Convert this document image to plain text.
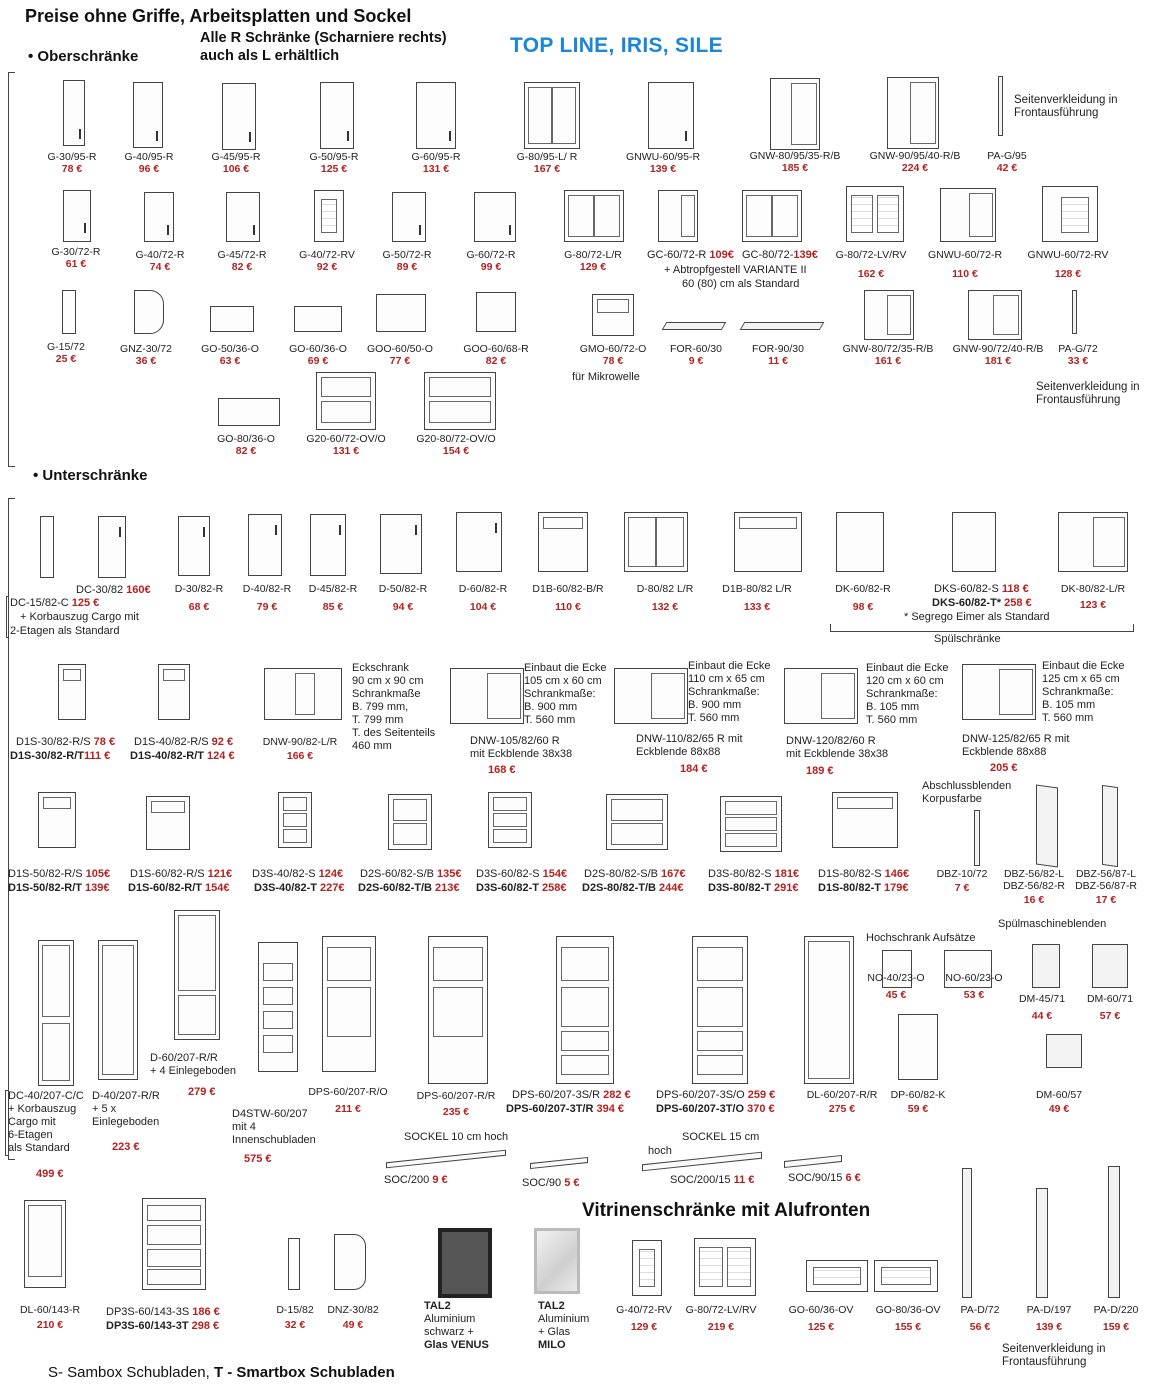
Preise ohne Griffe, Arbeitsplatten und Sockel
Alle R Schränke (Scharniere rechts)
auch als L erhältlich	TOP LINE, IRIS, SILE
• Oberschränke
• Unterschränke
G-30/95-R
78 €
G-40/95-R
96 €
G-45/95-R
106 €
G-50/95-R
125 €
G-60/95-R
131 €
G-80/95-L/ R
167 €
GNWU-60/95-R
139 €
GNW-80/95/35-R/B
185 €
GNW-90/95/40-R/B
224 €
PA-G/95
42 €
Seitenverkleidung in
Frontausführung
G-30/72-R
61 €
G-40/72-R
74 €
G-45/72-R
82 €
G-40/72-RV
92 €
G-50/72-R
89 €
G-60/72-R
99 €
G-80/72-L/R
129 €
GC-60/72-R 109€ GC-80/72-139€
+ Abtropfgestell VARIANTE II
60 (80) cm als Standard
G-80/72-LV/RV
162 €
GNWU-60/72-R
110 €
GNWU-60/72-RV
128 €
G-15/72
25 €
GNZ-30/72
36 €
GO-50/36-O
63 €
GO-60/36-O
69 €
GOO-60/50-O
77 €
GOO-60/68-R
82 €
GMO-60/72-O
78 €
für Mikrowelle
FOR-60/30
9 €
FOR-90/30
11 €
GNW-80/72/35-R/B
161 €
GNW-90/72/40-R/B
181 €
PA-G/72
33 €
Seitenverkleidung in
Frontausführung
GO-80/36-O
82 €
G20-60/72-OV/O
131 €
G20-80/72-OV/O
154 €
DC-15/82-C 125 €
+ Korbauszug Cargo mit
2-Etagen als Standard
DC-30/82 160€	D-30/82-R
68 €
D-40/82-R
79 €
D-45/82-R
85 €
D-50/82-R
94 €
D-60/82-R
104 €
D1B-60/82-B/R
110 €
D-80/82 L/R
132 €
D1B-80/82 L/R
133 €
DK-60/82-R
98 €
DKS-60/82-S 118 €
DKS-60/82-T* 258 €
* Segrego Eimer als Standard
DK-80/82-L/R
123 €
Spülschränke
D1S-30/82-R/S 78 €
D1S-30/82-R/T111 €
D1S-40/82-R/S 92 €
D1S-40/82-R/T 124 €
DNW-90/82-L/R
166 €
Eckschrank
90 cm x 90 cm
Schrankmaße
B. 799 mm,
T. 799 mm
T. des Seitenteils
460 mm
Einbaut die Ecke
105 cm x 60 cm
Schrankmaße:
B. 900 mm
T. 560 mm
DNW-105/82/60 R
mit Eckblende 38x38
168 €
Einbaut die Ecke
110 cm x 65 cm
Schrankmaße:
B. 900 mm
T. 560 mm
DNW-110/82/65 R mit
Eckblende 88x88
184 €
Einbaut die Ecke
120 cm x 60 cm
Schrankmaße:
B. 105 mm
T. 560 mm
DNW-120/82/60 R
mit Eckblende 38x38
189 €
Einbaut die Ecke
125 cm x 65 cm
Schrankmaße:
B. 105 mm
T. 560 mm
DNW-125/82/65 R mit
Eckblende 88x88
205 €
Abschlussblenden
Korpusfarbe
D1S-50/82-R/S 105€
D1S-50/82-R/T 139€
D1S-60/82-R/S 121€
D1S-60/82-R/T 154€
D3S-40/82-S 124€
D3S-40/82-T 227€
D2S-60/82-S/B 135€
D2S-60/82-T/B 213€
D3S-60/82-S 154€
D3S-60/82-T 258€
D2S-80/82-S/B 167€
D2S-80/82-T/B 244€
D3S-80/82-S 181€
D3S-80/82-T 291€
D1S-80/82-S 146€
D1S-80/82-T 179€
DBZ-10/72
7 €
DBZ-56/82-L
DBZ-56/82-R
16 €
DBZ-56/87-L
DBZ-56/87-R
17 €
Spülmaschineblenden
DC-40/207-C/C
+ Korbauszug
Cargo mit
6-Etagen
als Standard
499 €
D-40/207-R/R
+ 5 x
Einlegeboden
223 €
D-60/207-R/R
+ 4 Einlegeboden
279 €
D4STW-60/207
mit 4
Innenschubladen
575 €
DPS-60/207-R/O
211 €
DPS-60/207-R/R
235 €
DPS-60/207-3S/R 282 €
DPS-60/207-3T/R 394 €
DPS-60/207-3S/O 259 €
DPS-60/207-3T/O 370 €
DL-60/207-R/R
275 €
Hochschrank Aufsätze
NO-40/23-O
45 €
NO-60/23-O
53 €	DM-45/71
44 €
DM-60/71
57 €
DP-60/82-K
59 €
DM-60/57
49 €
SOCKEL 10 cm hoch	SOCKEL 15 cm
hoch
SOC/200 9 €	SOC/90 5 €	SOC/200/15 11 €	SOC/90/15 6 €
Vitrinenschränke mit Alufronten
DL-60/143-R
210 €
DP3S-60/143-3S 186 €
DP3S-60/143-3T 298 €
D-15/82
32 €
DNZ-30/82
49 €
TAL2
Aluminium
schwarz +
Glas VENUS
TAL2
Aluminium
+ Glas
MILO
G-40/72-RV
129 €
G-80/72-LV/RV
219 €
GO-60/36-OV
125 €
GO-80/36-OV
155 €
PA-D/72
56 €
PA-D/197
139 €
PA-D/220
159 €
Seitenverkleidung in
Frontausführung
S- Sambox Schubladen, T - Smartbox Schubladen
